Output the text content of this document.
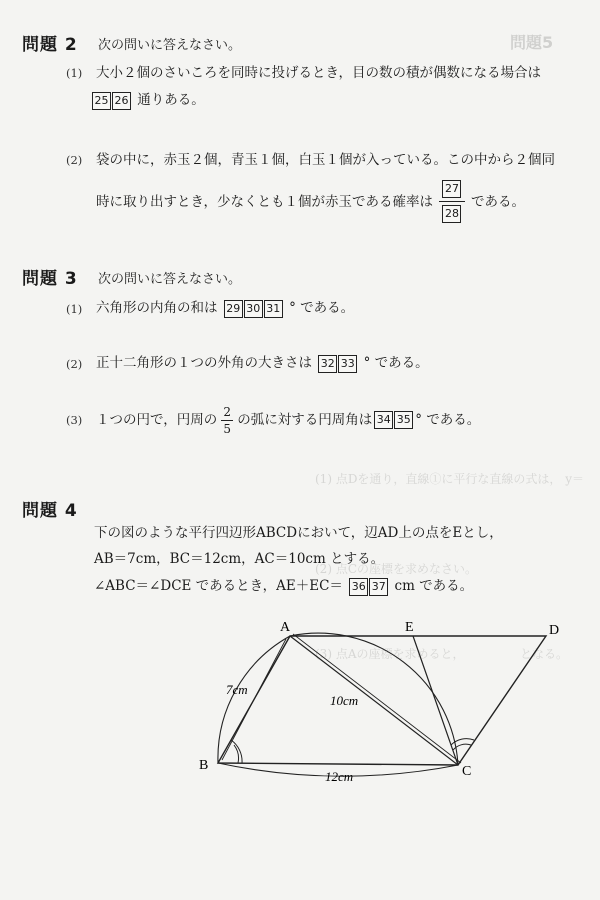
問題5
(1) 点Dを通り，直線①に平行な直線の式は， y＝
(2) 点Cの座標を求めなさい。
(3) 点Aの座標を求めると，	となる。
問題 2 次の問いに答えなさい。
(1) 大小２個のさいころを同時に投げるとき，目の数の積が偶数になる場合は
25 26 通りある。
(2) 袋の中に，赤玉２個，青玉１個，白玉１個が入っている。この中から２個同
時に取り出すとき，少なくとも１個が赤玉である確率は
27
28
である。
問題 3 次の問いに答えなさい。
(1) 六角形の内角の和は 29 30 31 ° である。
(2) 正十二角形の１つの外角の大きさは 32 33 ° である。
(3) １つの円で，円周の $\frac{2}{5}$ の弧に対する円周角は 34 35 ° である。
問題 4
下の図のような平行四辺形ABCDにおいて，辺AD上の点をEとし，
AB＝7cm，BC＝12cm，AC＝10cm とする。
∠ABC＝∠DCE であるとき，AE＋EC＝ 36 37 cm である。
A	E	D
B	C
7cm
10cm
12cm
